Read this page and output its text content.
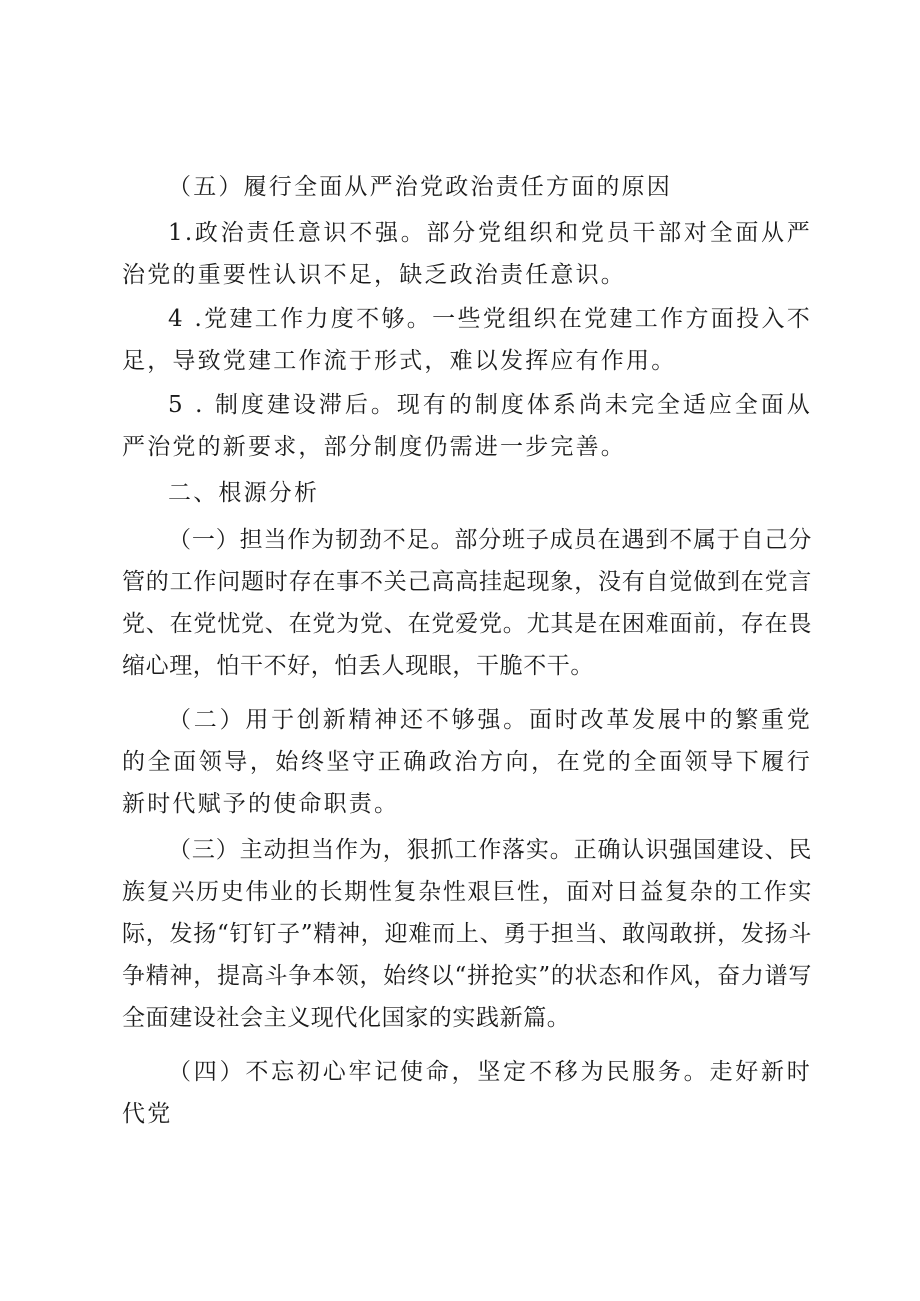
（五）履行全面从严治党政治责任方面的原因

1.政治责任意识不强。部分党组织和党员干部对全面从严治党的重要性认识不足，缺乏政治责任意识。

4 .党建工作力度不够。一些党组织在党建工作方面投入不足，导致党建工作流于形式，难以发挥应有作用。

5 . 制度建设滞后。现有的制度体系尚未完全适应全面从严治党的新要求，部分制度仍需进一步完善。

二、根源分析

（一）担当作为韧劲不足。部分班子成员在遇到不属于自己分管的工作问题时存在事不关己高高挂起现象，没有自觉做到在党言党、在党忧党、在党为党、在党爱党。尤其是在困难面前，存在畏缩心理，怕干不好，怕丢人现眼，干脆不干。

（二）用于创新精神还不够强。面时改革发展中的繁重党的全面领导，始终坚守正确政治方向，在党的全面领导下履行新时代赋予的使命职责。

（三）主动担当作为，狠抓工作落实。正确认识强国建设、民族复兴历史伟业的长期性复杂性艰巨性，面对日益复杂的工作实际，发扬“钉钉子”精神，迎难而上、勇于担当、敢闯敢拼，发扬斗争精神，提高斗争本领，始终以“拼抢实”的状态和作风，奋力谱写全面建设社会主义现代化国家的实践新篇。

（四）不忘初心牢记使命，坚定不移为民服务。走好新时代党
